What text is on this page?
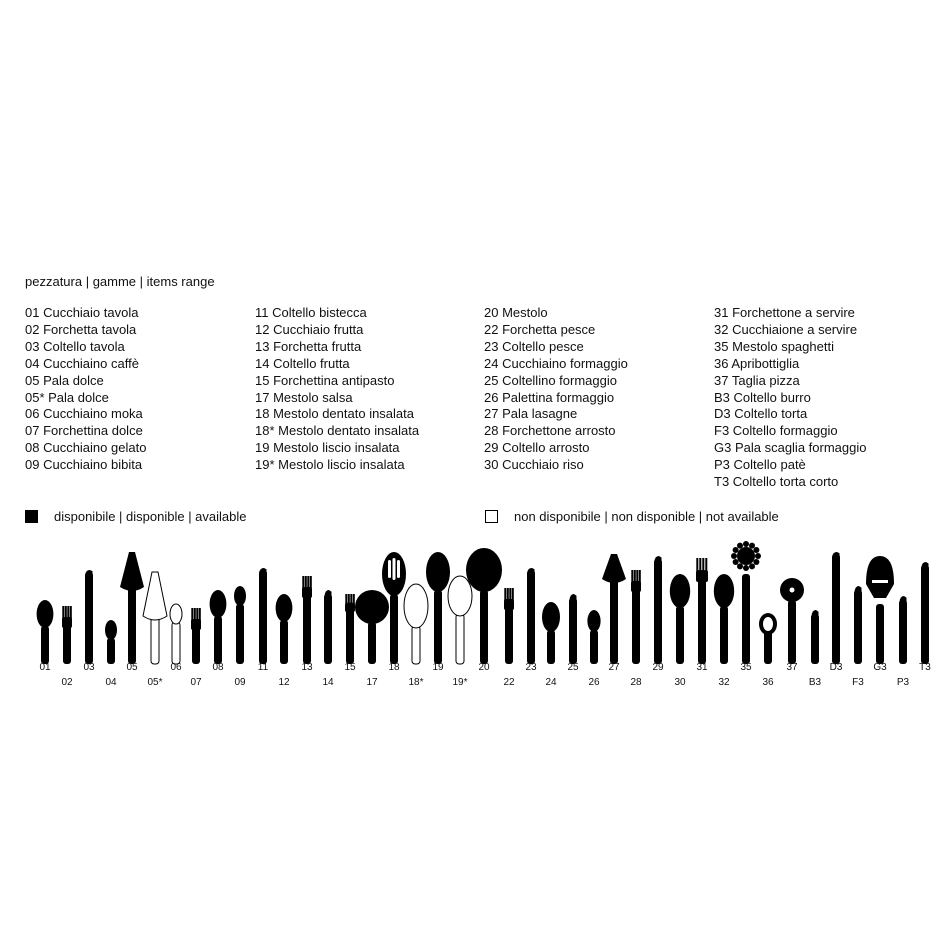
pezzatura | gamme | items range
01 Cucchiaio tavola
02 Forchetta tavola
03 Coltello tavola
04 Cucchiaino caffè
05 Pala dolce
05* Pala dolce
06 Cucchiaino moka
07 Forchettina dolce
08 Cucchiaino gelato
09 Cucchiaino bibita
11 Coltello bistecca
12 Cucchiaio frutta
13 Forchetta frutta
14 Coltello frutta
15 Forchettina antipasto
17 Mestolo salsa
18 Mestolo dentato insalata
18* Mestolo dentato insalata
19 Mestolo liscio insalata
19* Mestolo liscio insalata
20 Mestolo
22 Forchetta pesce
23 Coltello pesce
24 Cucchiaino formaggio
25 Coltellino formaggio
26 Palettina formaggio
27 Pala lasagne
28 Forchettone arrosto
29 Coltello arrosto
30 Cucchiaio riso
31 Forchettone a servire
32 Cucchiaione a servire
35 Mestolo spaghetti
36 Apribottiglia
37 Taglia pizza
B3 Coltello burro
D3 Coltello torta
F3 Coltello formaggio
G3 Pala scaglia formaggio
P3 Coltello patè
T3 Coltello torta corto
disponibile | disponible | available	non disponibile | non disponible | not available
01
02
03
04
05
05*
06
07
08
09
11
12
13
14
15
17
18
18*
19
19*
20
22
23
24
25
26
27
28
29
30
31
32
35
36
37
B3
D3
F3
G3
P3
T3
